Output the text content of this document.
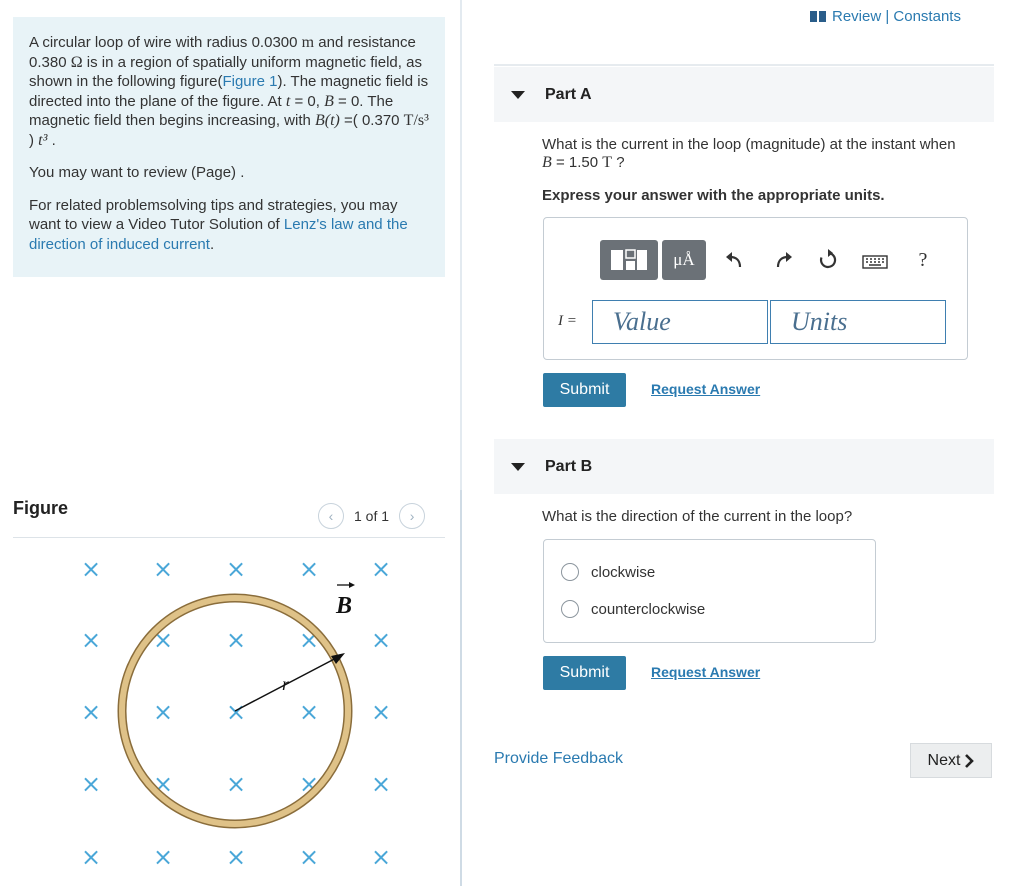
A circular loop of wire with radius 0.0300 m and resistance 0.380 Ω is in a region of spatially uniform magnetic field, as shown in the following figure(Figure 1). The magnetic field is directed into the plane of the figure. At t = 0, B = 0. The magnetic field then begins increasing, with B(t) =( 0.370 T/s³ ) t³ .

You may want to review (Page) .

For related problemsolving tips and strategies, you may want to view a Video Tutor Solution of Lenz's law and the direction of induced current.

Figure	‹	1 of 1	›
× × × × ×
× × × × ×
× × × × ×
× × × × ×
× × × × ×
r
B
Review | Constants
Part A
What is the current in the loop (magnitude) at the instant when
B = 1.50 T ?
Express your answer with the appropriate units.
μÅ	?
I =
Value
Units
Submit	Request Answer
Part B
What is the direction of the current in the loop?
clockwise
counterclockwise
Submit	Request Answer
Provide Feedback	Next
